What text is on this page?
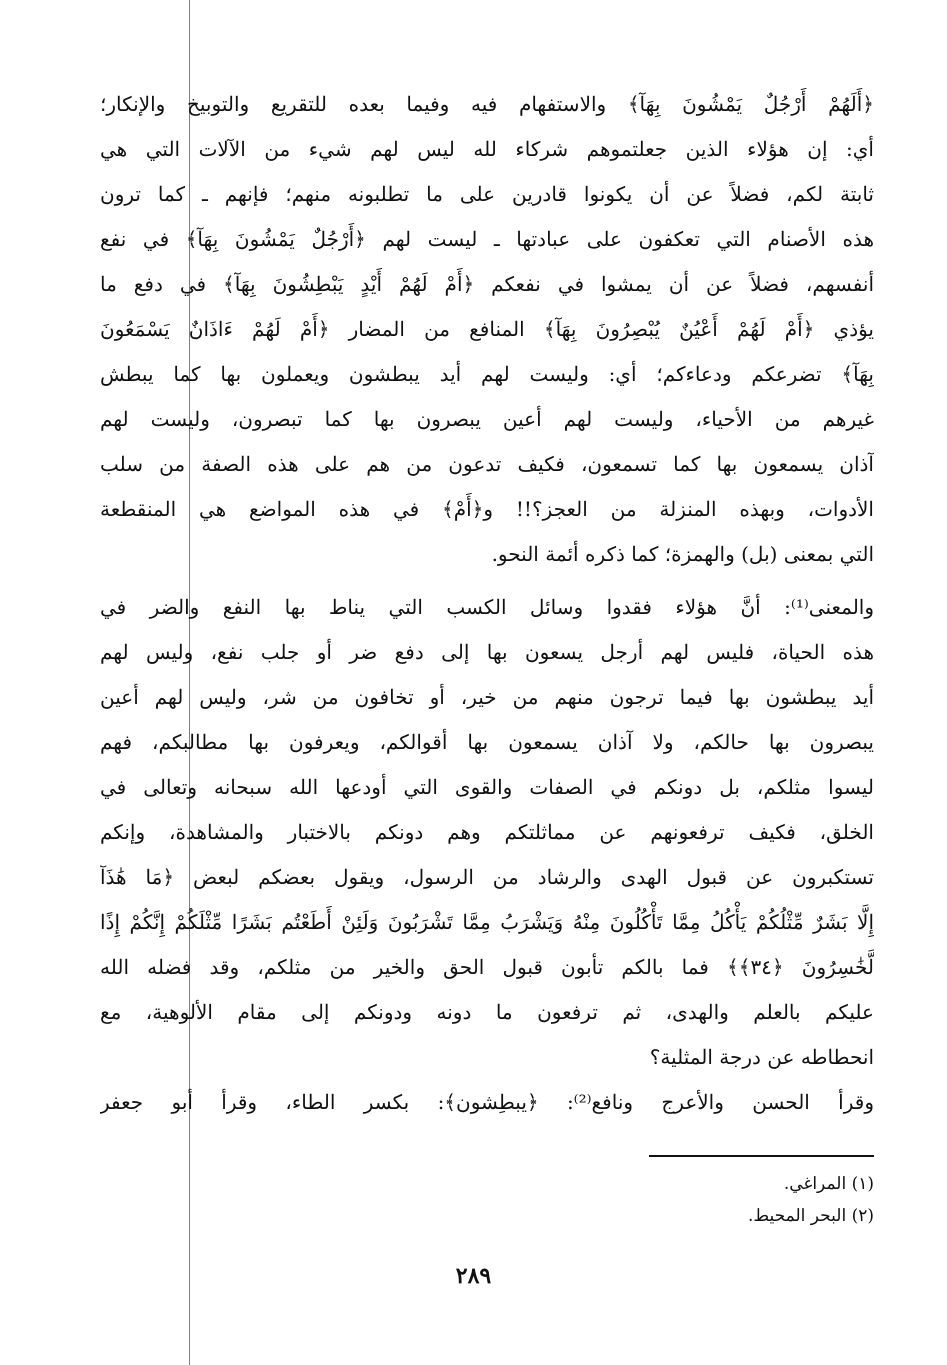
﴿أَلَهُمْ أَرْجُلٌ يَمْشُونَ بِهَآ﴾ والاستفهام فيه وفيما بعده للتقريع والتوبيخ والإنكار؛
أي: إن هؤلاء الذين جعلتموهم شركاء لله ليس لهم شيء من الآلات التي هي
ثابتة لكم، فضلاً عن أن يكونوا قادرين على ما تطلبونه منهم؛ فإنهم ـ كما ترون
هذه الأصنام التي تعكفون على عبادتها ـ ليست لهم ﴿أَرْجُلٌ يَمْشُونَ بِهَآ﴾ في نفع
أنفسهم، فضلاً عن أن يمشوا في نفعكم ﴿أَمْ لَهُمْ أَيْدٍ يَبْطِشُونَ بِهَآ﴾ في دفع ما
يؤذي ﴿أَمْ لَهُمْ أَعْيُنٌ يُبْصِرُونَ بِهَآ﴾ المنافع من المضار ﴿أَمْ لَهُمْ ءَاذَانٌ يَسْمَعُونَ
بِهَآ﴾ تضرعكم ودعاءكم؛ أي: وليست لهم أيد يبطشون ويعملون بها كما يبطش
غيرهم من الأحياء، وليست لهم أعين يبصرون بها كما تبصرون، وليست لهم
آذان يسمعون بها كما تسمعون، فكيف تدعون من هم على هذه الصفة من سلب
الأدوات، وبهذه المنزلة من العجز؟!! و﴿أَمْ﴾ في هذه المواضع هي المنقطعة
التي بمعنى (بل) والهمزة؛ كما ذكره أئمة النحو.
والمعنى⁽¹⁾: أنَّ هؤلاء فقدوا وسائل الكسب التي يناط بها النفع والضر في
هذه الحياة، فليس لهم أرجل يسعون بها إلى دفع ضر أو جلب نفع، وليس لهم
أيد يبطشون بها فيما ترجون منهم من خير، أو تخافون من شر، وليس لهم أعين
يبصرون بها حالكم، ولا آذان يسمعون بها أقوالكم، ويعرفون بها مطالبكم، فهم
ليسوا مثلكم، بل دونكم في الصفات والقوى التي أودعها الله سبحانه وتعالى في
الخلق، فكيف ترفعونهم عن مماثلتكم وهم دونكم بالاختبار والمشاهدة، وإنكم
تستكبرون عن قبول الهدى والرشاد من الرسول، ويقول بعضكم لبعض ﴿مَا هَٰذَآ
إِلَّا بَشَرٌ مِّثْلُكُمْ يَأْكُلُ مِمَّا تَأْكُلُونَ مِنْهُ وَيَشْرَبُ مِمَّا تَشْرَبُونَ وَلَئِنْ أَطَعْتُم بَشَرًا مِّثْلَكُمْ إِنَّكُمْ إِذًا
لَّخَٰسِرُونَ ﴿٣٤﴾﴾ فما بالكم تأبون قبول الحق والخير من مثلكم، وقد فضله الله
عليكم بالعلم والهدى، ثم ترفعون ما دونه ودونكم إلى مقام الألوهية، مع
انحطاطه عن درجة المثلية؟
وقرأ الحسن والأعرج ونافع⁽²⁾: ﴿يبطِشون﴾: بكسر الطاء، وقرأ أبو جعفر
(١) المراغي.
(٢) البحر المحيط.
٢٨٩
